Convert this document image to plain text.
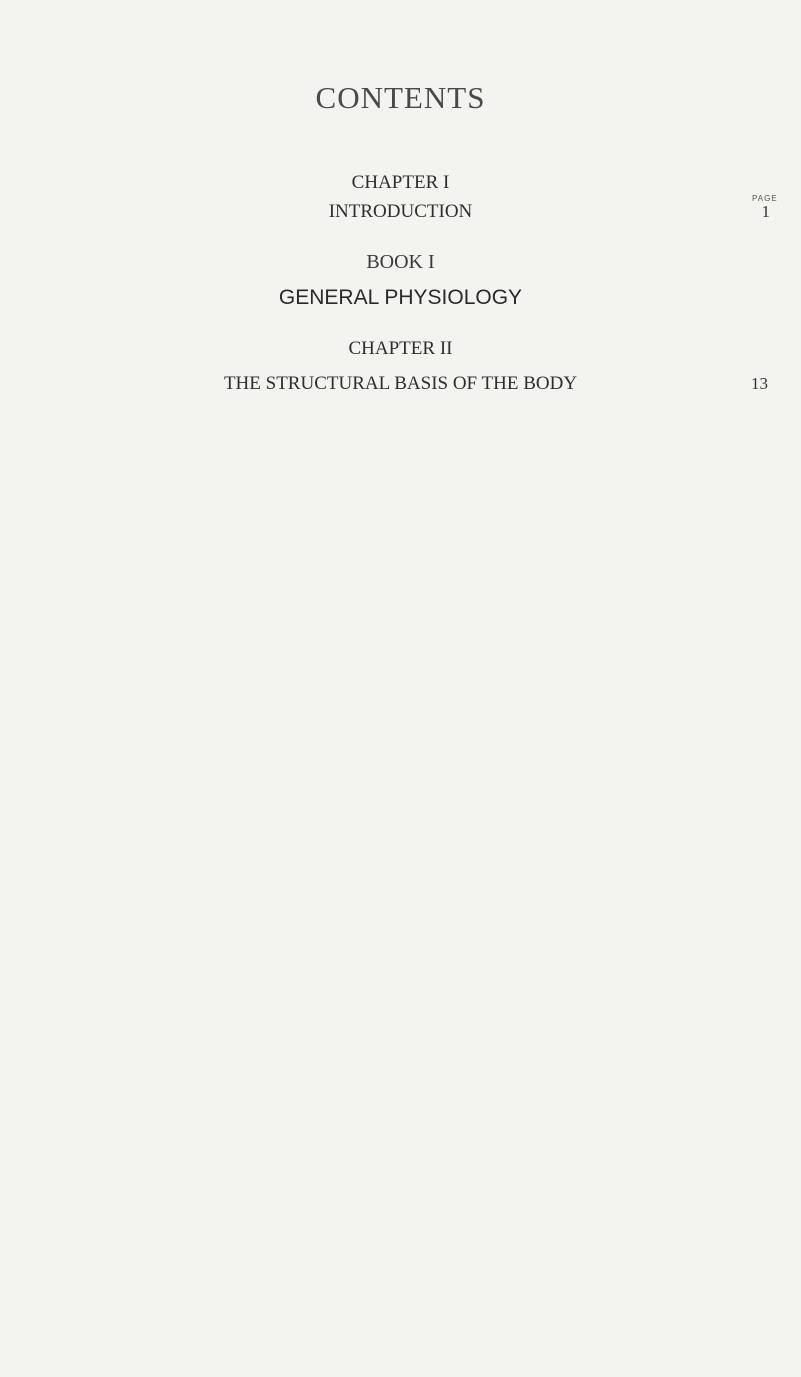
CONTENTS
CHAPTER I
PAGE
INTRODUCTION	1
BOOK I
GENERAL PHYSIOLOGY
CHAPTER II
THE STRUCTURAL BASIS OF THE BODY	13
